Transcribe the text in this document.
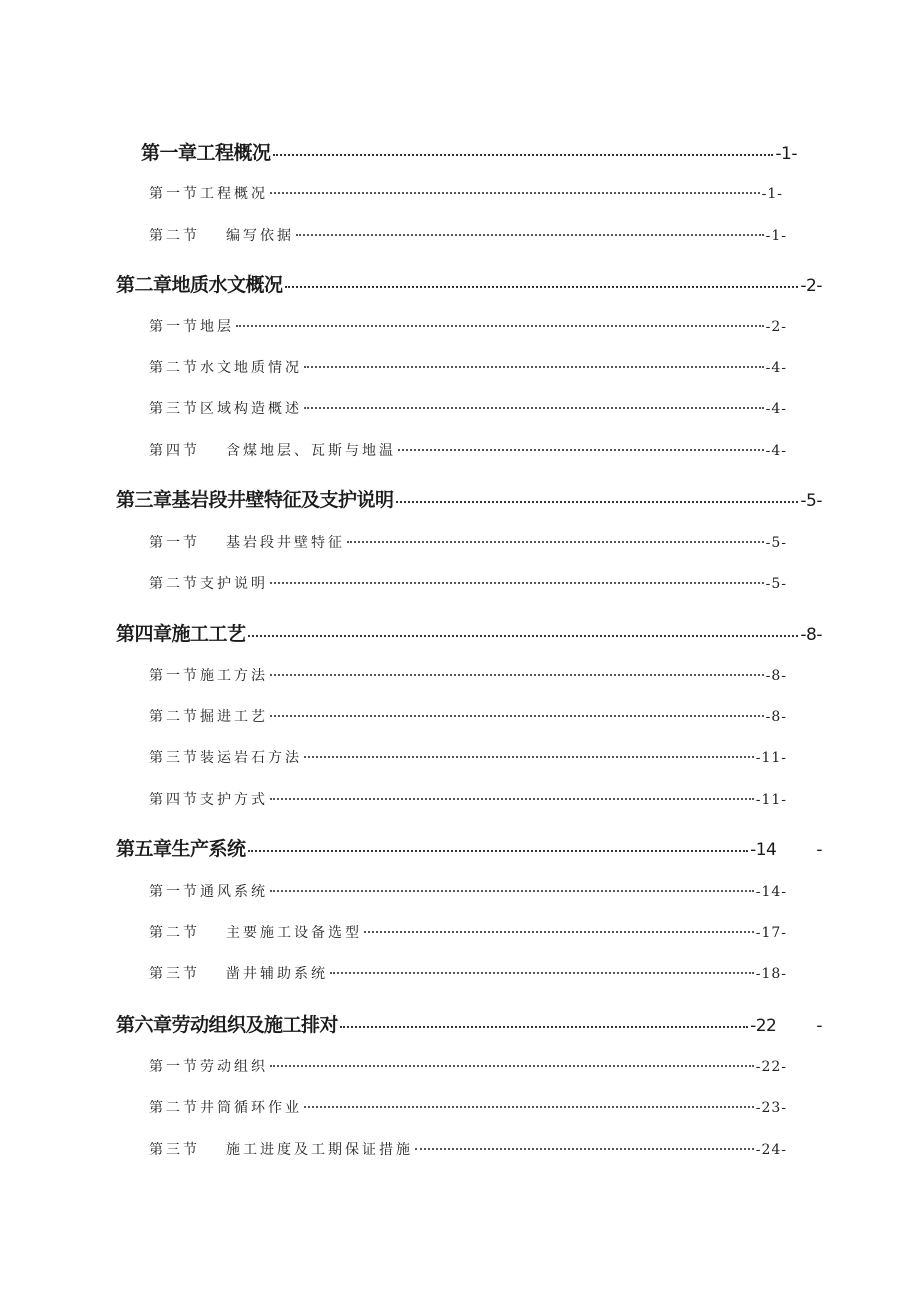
第一章工程概况	-1-
第一节 工程概况	-1-
第二节 编写依据	-1-
第二章地质水文概况	-2-
第一节 地层	-2-
第二节 水文地质情况	-4-
第三节 区域构造概述	-4-
第四节 含煤地层、瓦斯与地温	-4-
第三章基岩段井壁特征及支护说明	-5-
第一节 基岩段井壁特征	-5-
第二节 支护说明	-5-
第四章施工工艺	-8-
第一节 施工方法	-8-
第二节 掘进工艺	-8-
第三节 装运岩石方法	-11-
第四节 支护方式	-11-
第五章生产系统	-14 -
第一节 通风系统	-14-
第二节 主要施工设备选型	-17-
第三节 凿井辅助系统	-18-
第六章劳动组织及施工排对	-22 -
第一节 劳动组织	-22-
第二节 井筒循环作业	-23-
第三节 施工进度及工期保证措施	-24-
